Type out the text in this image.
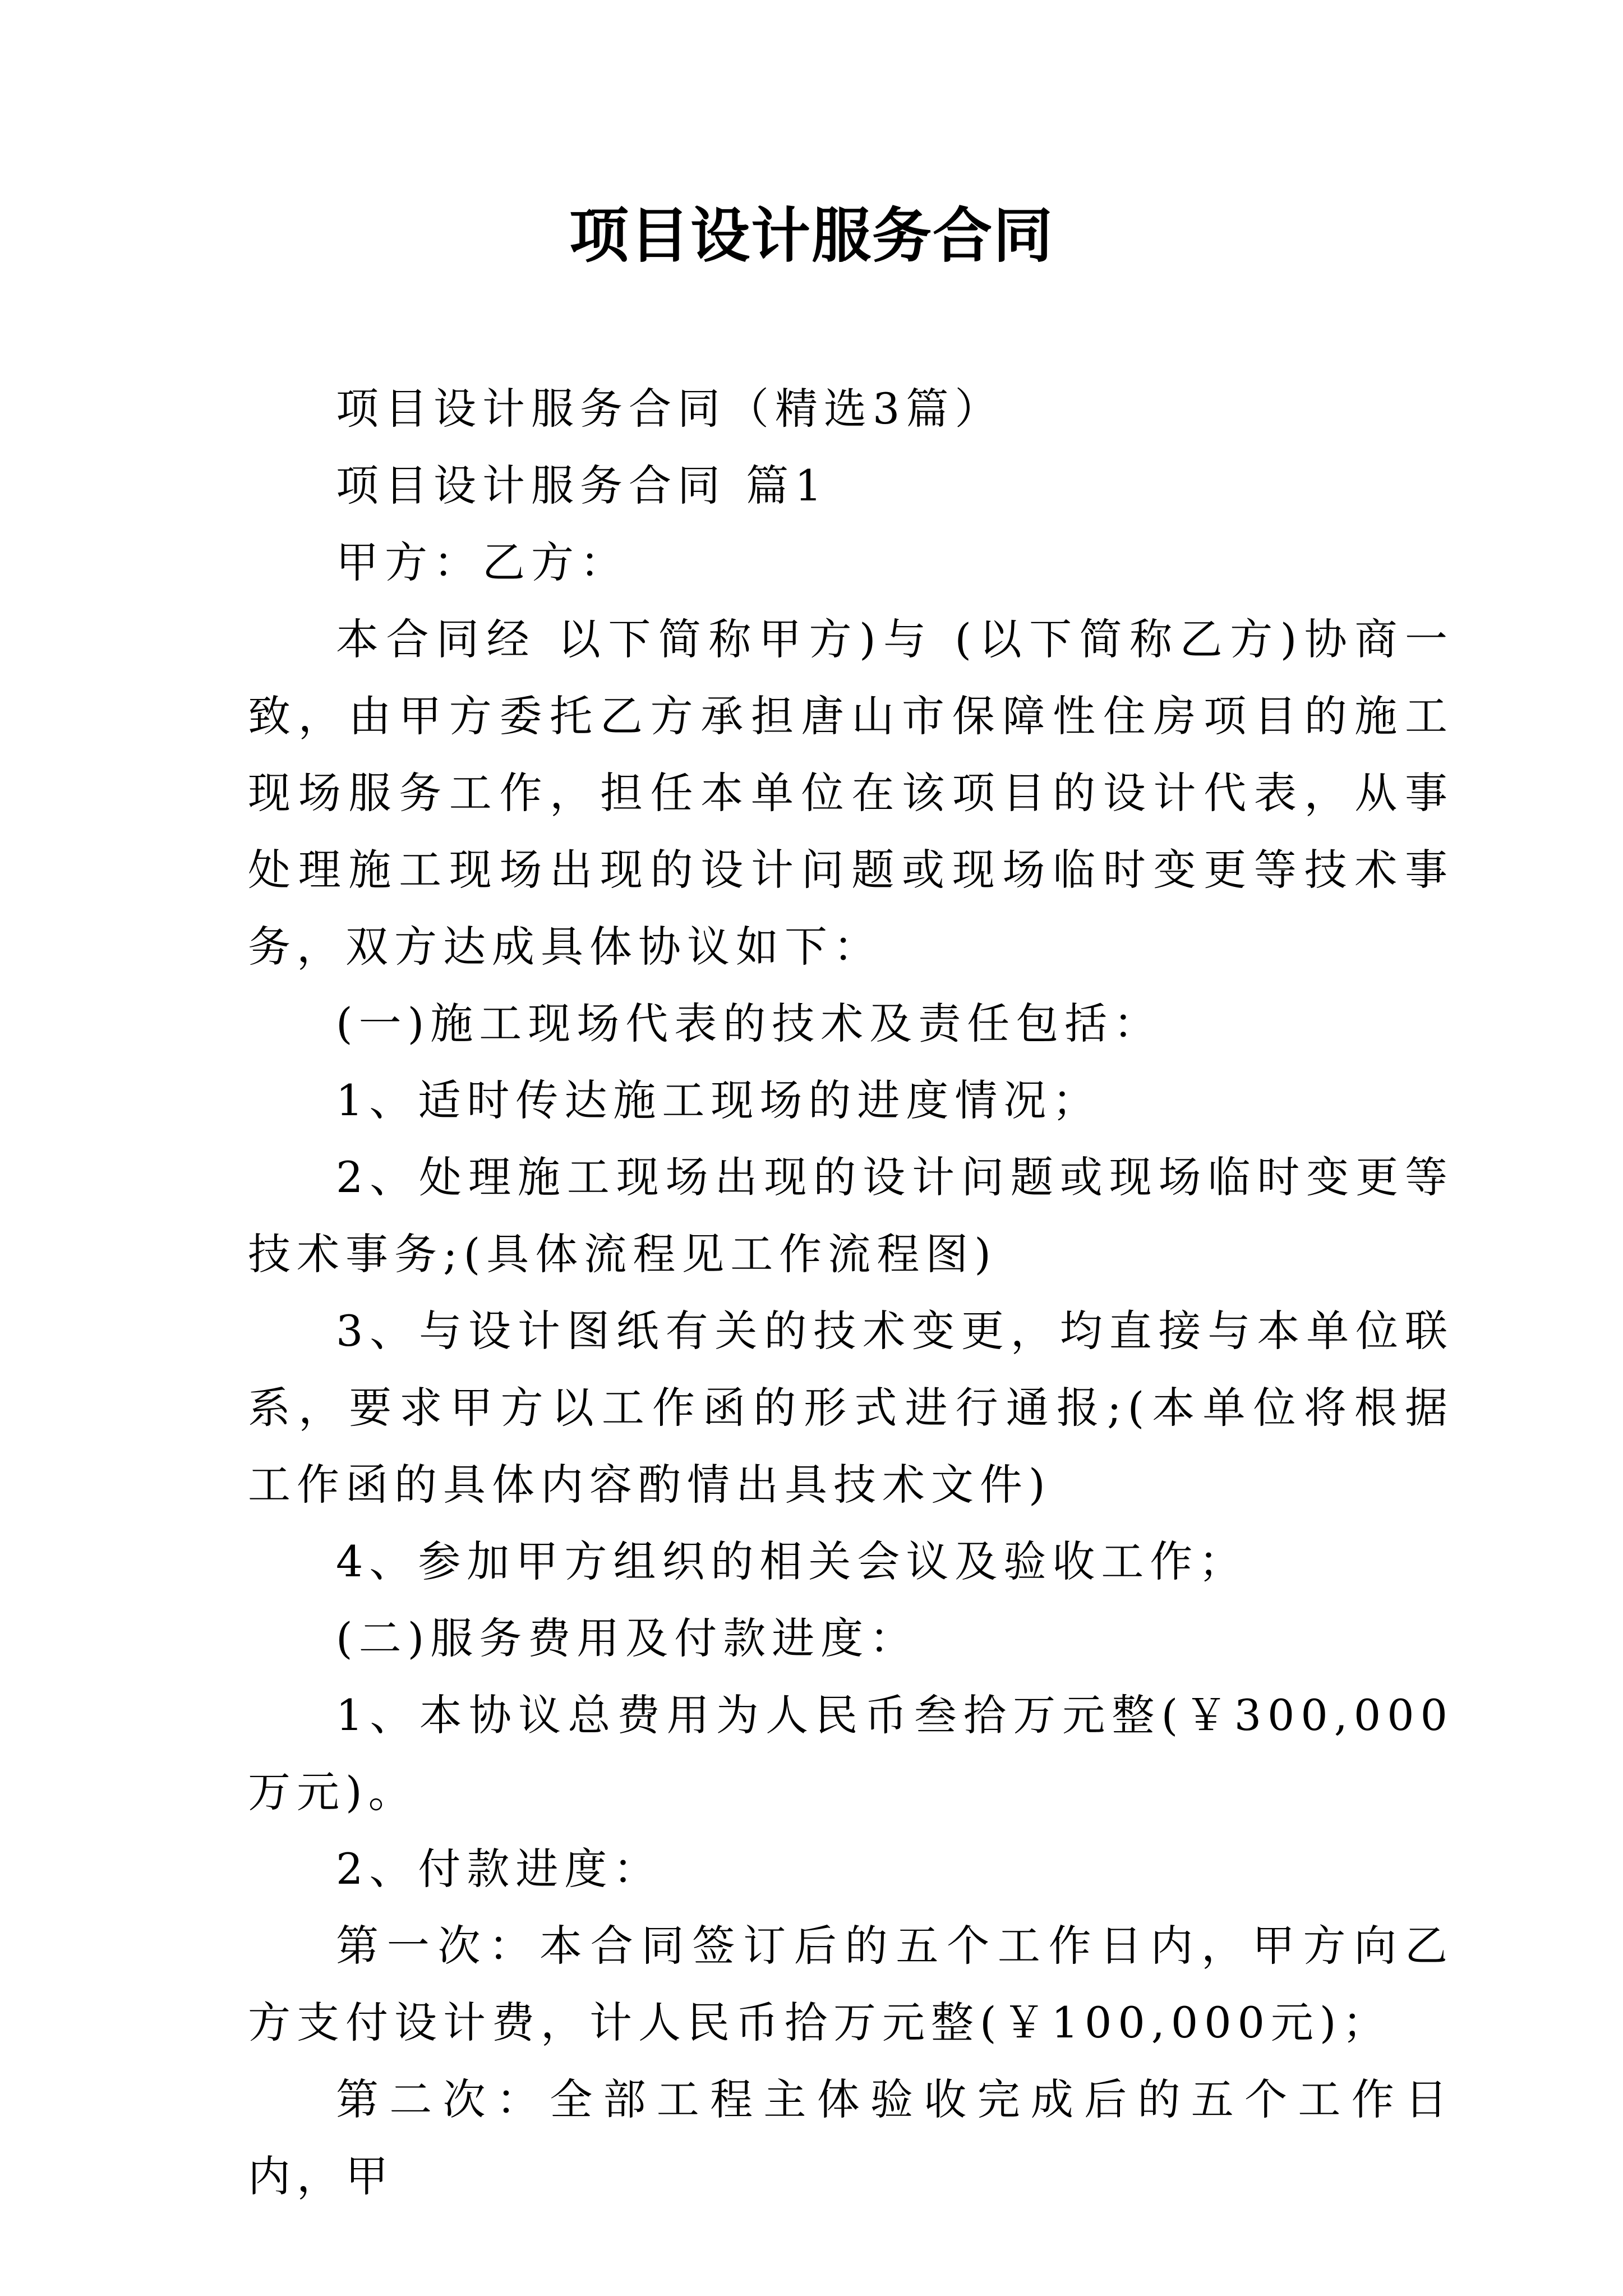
项目设计服务合同

项目设计服务合同（精选3篇）

项目设计服务合同 篇1

甲方：乙方：

本合同经 以下简称甲方)与 (以下简称乙方)协商一致，由甲方委托乙方承担唐山市保障性住房项目的施工现场服务工作，担任本单位在该项目的设计代表，从事处理施工现场出现的设计问题或现场临时变更等技术事务，双方达成具体协议如下：

(一)施工现场代表的技术及责任包括：

1、适时传达施工现场的进度情况；

2、处理施工现场出现的设计问题或现场临时变更等技术事务;(具体流程见工作流程图)

3、与设计图纸有关的技术变更，均直接与本单位联系，要求甲方以工作函的形式进行通报;(本单位将根据工作函的具体内容酌情出具技术文件)

4、参加甲方组织的相关会议及验收工作；

(二)服务费用及付款进度：

1、本协议总费用为人民币叁拾万元整(￥300,000万元)。

2、付款进度：

第一次：本合同签订后的五个工作日内，甲方向乙方支付设计费，计人民币拾万元整(￥100,000元)；

第二次：全部工程主体验收完成后的五个工作日内，甲
